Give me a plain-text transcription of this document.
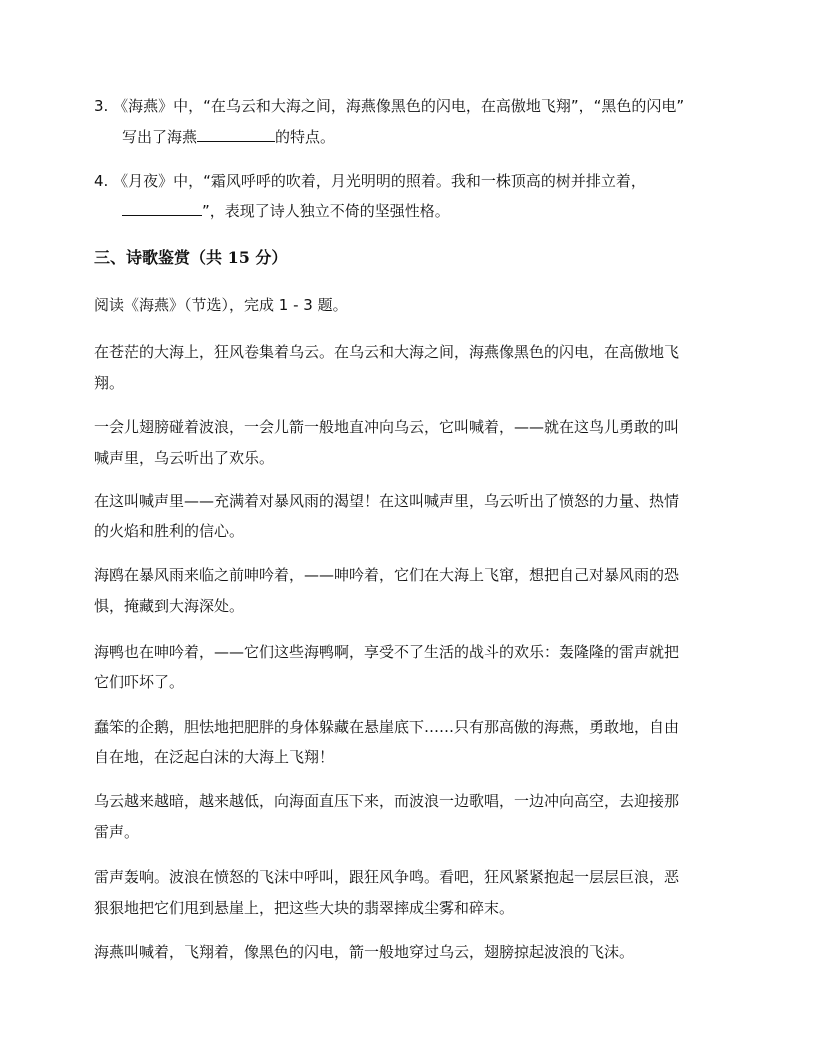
3. 《海燕》中，“在乌云和大海之间，海燕像黑色的闪电，在高傲地飞翔”，“黑色的闪电”
写出了海燕	的特点。
4. 《月夜》中，“霜风呼呼的吹着，月光明明的照着。我和一株顶高的树并排立着，
”，表现了诗人独立不倚的坚强性格。
三、诗歌鉴赏（共 15 分）
阅读《海燕》（节选），完成 1 - 3 题。
在苍茫的大海上，狂风卷集着乌云。在乌云和大海之间，海燕像黑色的闪电，在高傲地飞
翔。
一会儿翅膀碰着波浪，一会儿箭一般地直冲向乌云，它叫喊着，——就在这鸟儿勇敢的叫
喊声里，乌云听出了欢乐。
在这叫喊声里——充满着对暴风雨的渴望！在这叫喊声里，乌云听出了愤怒的力量、热情
的火焰和胜利的信心。
海鸥在暴风雨来临之前呻吟着，——呻吟着，它们在大海上飞窜，想把自己对暴风雨的恐
惧，掩藏到大海深处。
海鸭也在呻吟着，——它们这些海鸭啊，享受不了生活的战斗的欢乐：轰隆隆的雷声就把
它们吓坏了。
蠢笨的企鹅，胆怯地把肥胖的身体躲藏在悬崖底下……只有那高傲的海燕，勇敢地，自由
自在地，在泛起白沫的大海上飞翔！
乌云越来越暗，越来越低，向海面直压下来，而波浪一边歌唱，一边冲向高空，去迎接那
雷声。
雷声轰响。波浪在愤怒的飞沫中呼叫，跟狂风争鸣。看吧，狂风紧紧抱起一层层巨浪，恶
狠狠地把它们甩到悬崖上，把这些大块的翡翠摔成尘雾和碎末。
海燕叫喊着，飞翔着，像黑色的闪电，箭一般地穿过乌云，翅膀掠起波浪的飞沫。
